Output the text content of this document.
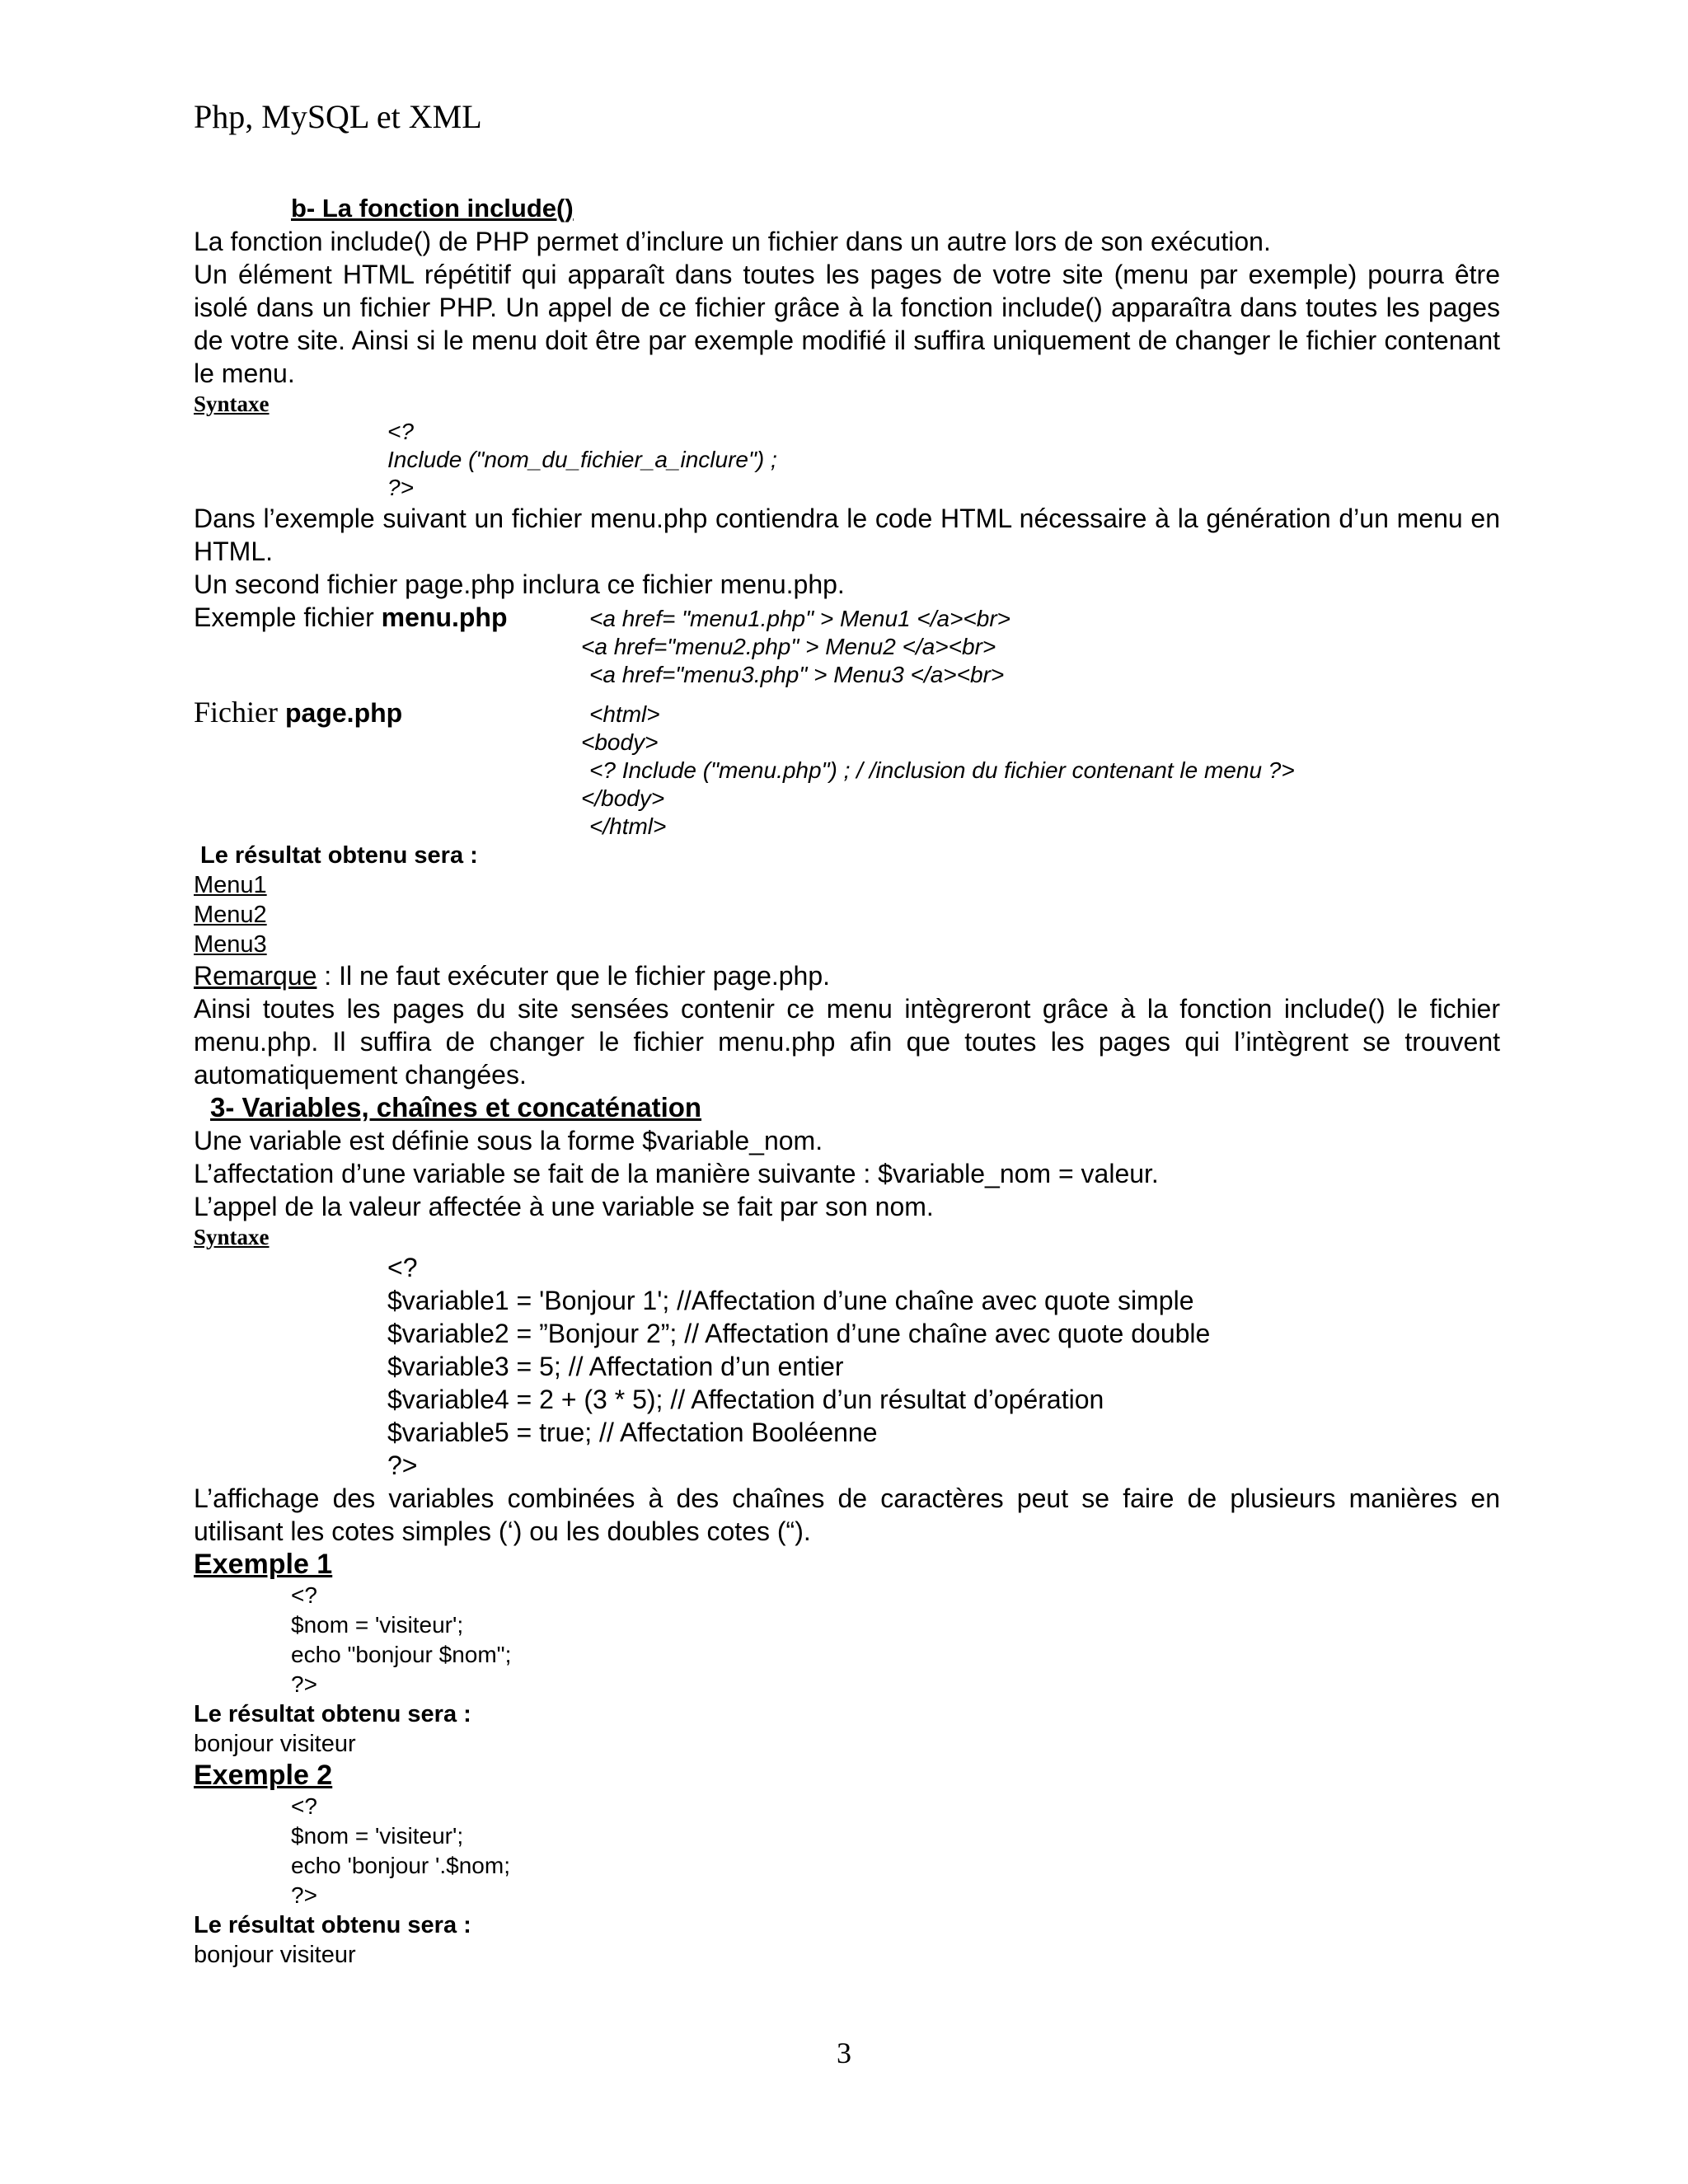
Php, MySQL et XML
b- La fonction include()
La fonction include() de PHP permet d’inclure un fichier dans un autre lors de son exécution.
Un élément HTML répétitif qui apparaît dans toutes les pages de votre site (menu par exemple) pourra être isolé dans un fichier PHP. Un appel de ce fichier grâce à la fonction include() apparaîtra dans toutes les pages de votre site. Ainsi si le menu doit être par exemple modifié il suffira uniquement de changer le fichier contenant le menu.
Syntaxe
<?
Include ("nom_du_fichier_a_inclure") ;
?>
Dans l’exemple suivant un fichier menu.php contiendra le code HTML nécessaire à la génération d’un menu en HTML.
Un second fichier page.php inclura ce fichier menu.php.
Exemple fichier menu.php	<a href= "menu1.php" > Menu1 </a><br>
<a href="menu2.php" > Menu2 </a><br>
<a href="menu3.php" > Menu3 </a><br>
Fichier page.php	<html>
<body>
<? Include ("menu.php") ; / /inclusion du fichier contenant le menu ?>
</body>
</html>
Le résultat obtenu sera :
Menu1
Menu2
Menu3
Remarque : Il ne faut exécuter que le fichier page.php.
Ainsi toutes les pages du site sensées contenir ce menu intègreront grâce à la fonction include() le fichier menu.php. Il suffira de changer le fichier menu.php afin que toutes les pages qui l’intègrent se trouvent automatiquement changées.
3- Variables, chaînes et concaténation
Une variable est définie sous la forme $variable_nom.
L’affectation d’une variable se fait de la manière suivante : $variable_nom = valeur.
L’appel de la valeur affectée à une variable se fait par son nom.
Syntaxe
<?
$variable1 = 'Bonjour 1'; //Affectation d’une chaîne avec quote simple
$variable2 = ”Bonjour 2”; // Affectation d’une chaîne avec quote double
$variable3 = 5; // Affectation d’un entier
$variable4 = 2 + (3 * 5); // Affectation d’un résultat d’opération
$variable5 = true; // Affectation Booléenne
?>
L’affichage des variables combinées à des chaînes de caractères peut se faire de plusieurs manières en utilisant les cotes simples (‘) ou les doubles cotes (“).
Exemple 1
<?
$nom = 'visiteur';
echo "bonjour $nom";
?>
Le résultat obtenu sera :
bonjour visiteur
Exemple 2
<?
$nom = 'visiteur';
echo 'bonjour '.$nom;
?>
Le résultat obtenu sera :
bonjour visiteur
3
